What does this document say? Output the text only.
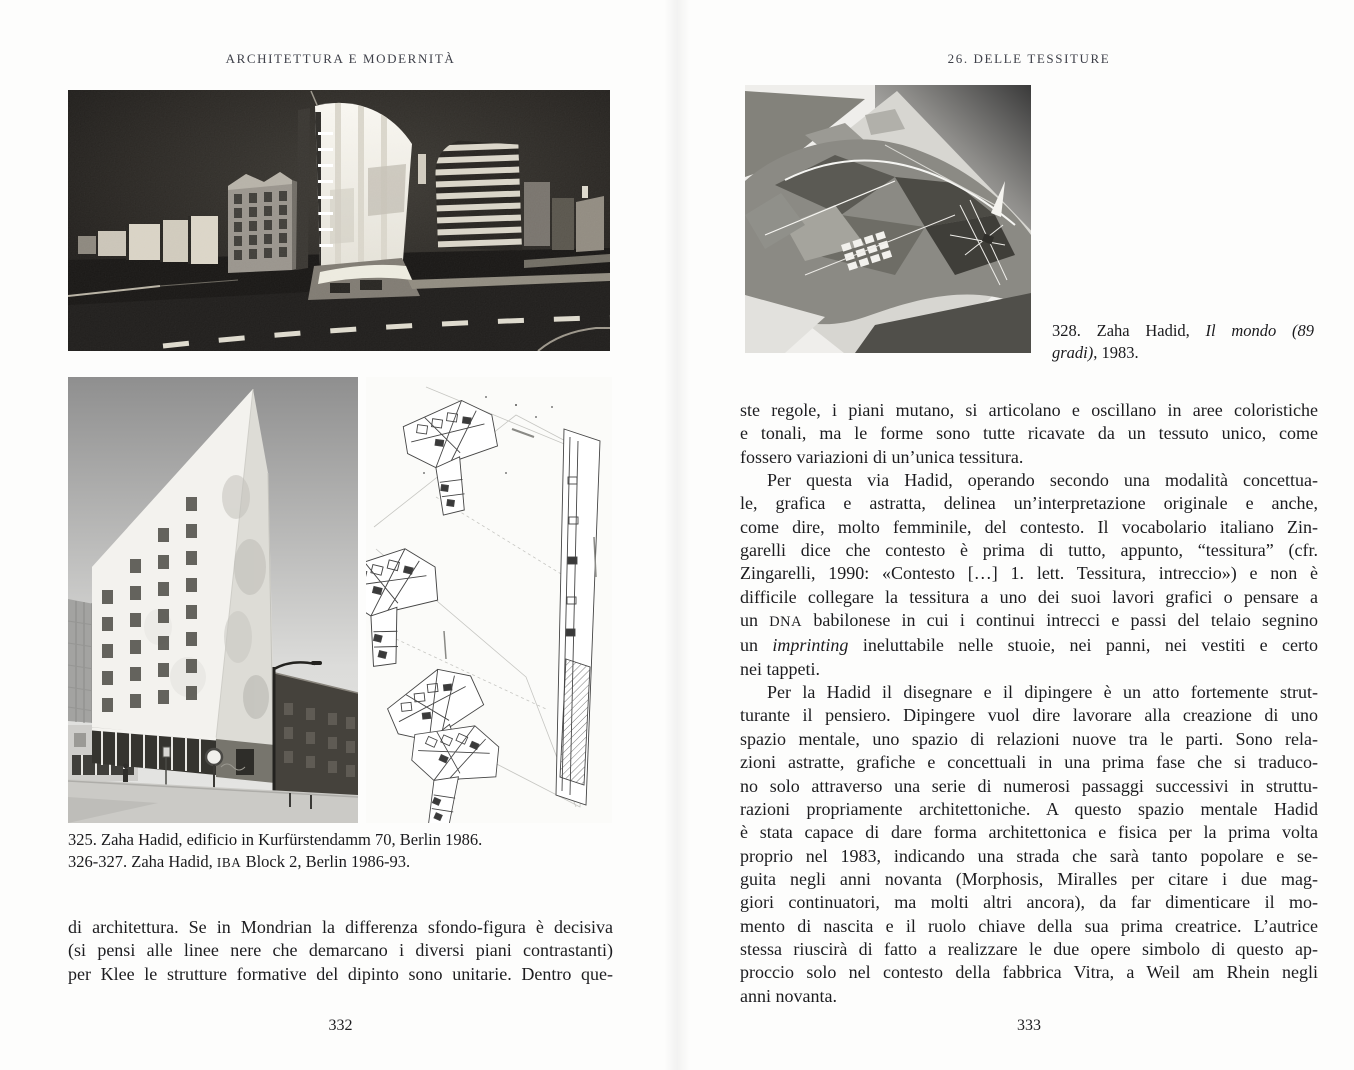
ARCHITETTURA E MODERNITÀ
325. Zaha Hadid, edificio in Kurfürstendamm 70, Berlin 1986.
326-327. Zaha Hadid, IBA Block 2, Berlin 1986-93.
di architettura. Se in Mondrian la differenza sfondo-figura è decisiva
(si pensi alle linee nere che demarcano i diversi piani contrastanti)
per Klee le strutture formative del dipinto sono unitarie. Dentro que-
332
26. DELLE TESSITURE
328. Zaha Hadid, Il mondo (89
gradi), 1983.
ste regole, i piani mutano, si articolano e oscillano in aree coloristiche
e tonali, ma le forme sono tutte ricavate da un tessuto unico, come
fossero variazioni di un’unica tessitura.
Per questa via Hadid, operando secondo una modalità concettua-
le, grafica e astratta, delinea un’interpretazione originale e anche,
come dire, molto femminile, del contesto. Il vocabolario italiano Zin-
garelli dice che contesto è prima di tutto, appunto, “tessitura” (cfr.
Zingarelli, 1990: «Contesto […] 1. lett. Tessitura, intreccio») e non è
difficile collegare la tessitura a uno dei suoi lavori grafici o pensare a
un DNA babilonese in cui i continui intrecci e passi del telaio segnino
un imprinting ineluttabile nelle stuoie, nei panni, nei vestiti e certo
nei tappeti.
Per la Hadid il disegnare e il dipingere è un atto fortemente strut-
turante il pensiero. Dipingere vuol dire lavorare alla creazione di uno
spazio mentale, uno spazio di relazioni nuove tra le parti. Sono rela-
zioni astratte, grafiche e concettuali in una prima fase che si traduco-
no solo attraverso una serie di numerosi passaggi successivi in struttu-
razioni propriamente architettoniche. A questo spazio mentale Hadid
è stata capace di dare forma architettonica e fisica per la prima volta
proprio nel 1983, indicando una strada che sarà tanto popolare e se-
guita negli anni novanta (Morphosis, Miralles per citare i due mag-
giori continuatori, ma molti altri ancora), da far dimenticare il mo-
mento di nascita e il ruolo chiave della sua prima creatrice. L’autrice
stessa riuscirà di fatto a realizzare le due opere simbolo di questo ap-
proccio solo nel contesto della fabbrica Vitra, a Weil am Rhein negli
anni novanta.
333
